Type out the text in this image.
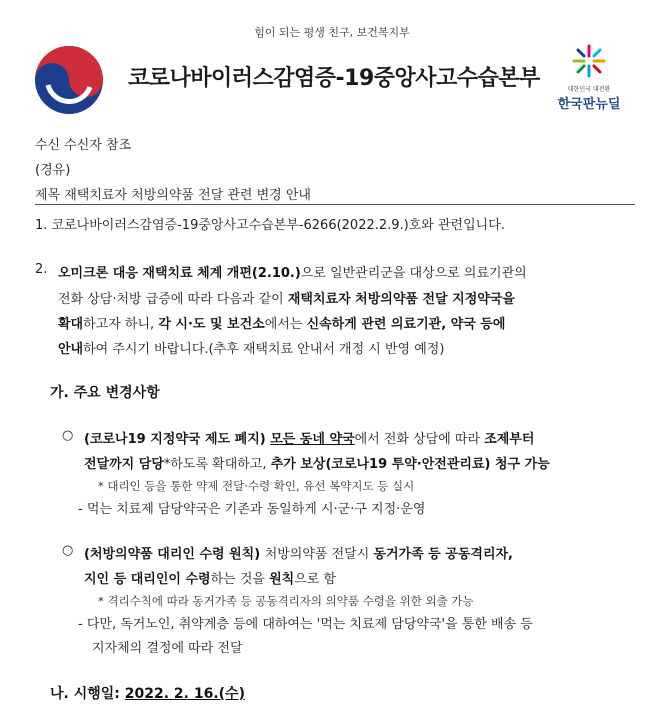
힘이 되는 평생 친구, 보건복지부
코로나바이러스감염증-19중앙사고수습본부	대한민국 대전환
한국판뉴딜
수신 수신자 참조
(경유)
제목 재택치료자 처방의약품 전달 관련 변경 안내
1. 코로나바이러스감염증-19중앙사고수습본부-6266(2022.2.9.)호와 관련입니다.
2. 오미크론 대응 재택치료 체계 개편(2.10.)으로 일반관리군을 대상으로 의료기관의
전화 상담·처방 급증에 따라 다음과 같이 재택치료자 처방의약품 전달 지정약국을
확대하고자 하니, 각 시·도 및 보건소에서는 신속하게 관련 의료기관, 약국 등에
안내하여 주시기 바랍니다.(추후 재택치료 안내서 개정 시 반영 예정)
가. 주요 변경사항
○ (코로나19 지정약국 제도 폐지) 모든 동네 약국에서 전화 상담에 따라 조제부터
전달까지 담당*하도록 확대하고, 추가 보상(코로나19 투약·안전관리료) 청구 가능
* 대리인 등을 통한 약제 전달·수령 확인, 유선 복약지도 등 실시
- 먹는 치료제 담당약국은 기존과 동일하게 시·군·구 지정·운영
○ (처방의약품 대리인 수령 원칙) 처방의약품 전달시 동거가족 등 공동격리자,
지인 등 대리인이 수령하는 것을 원칙으로 함
* 격리수칙에 따라 동거가족 등 공동격리자의 의약품 수령을 위한 외출 가능
- 다만, 독거노인, 취약계층 등에 대하여는 '먹는 치료제 담당약국'을 통한 배송 등
지자체의 결정에 따라 전달
나. 시행일: 2022. 2. 16.(수)
